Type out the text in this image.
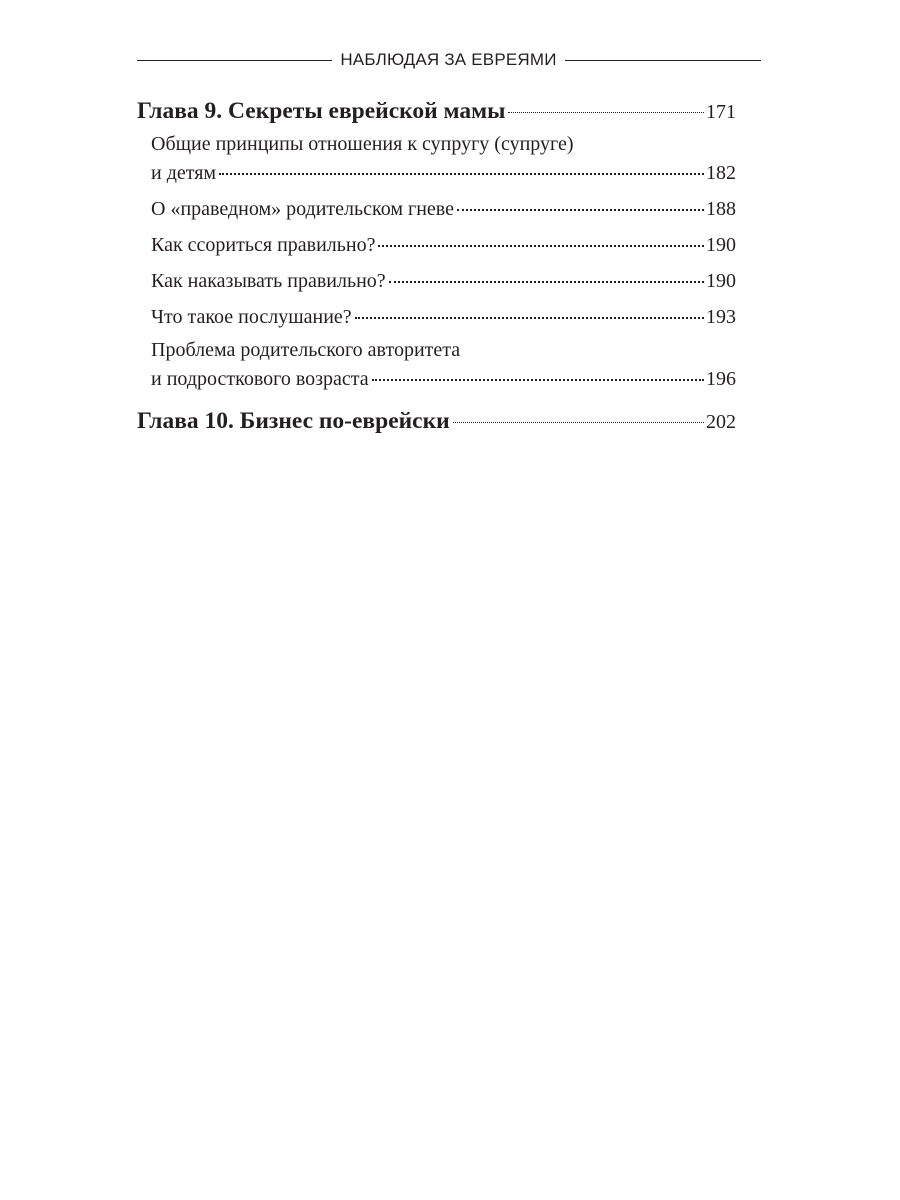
НАБЛЮДАЯ ЗА ЕВРЕЯМИ
Глава 9. Секреты еврейской мамы	171
Общие принципы отношения к супругу (супруге)
и детям	182
О «праведном» родительском гневе	188
Как ссориться правильно?	190
Как наказывать правильно?	190
Что такое послушание?	193
Проблема родительского авторитета
и подросткового возраста	196
Глава 10. Бизнес по-еврейски	202
